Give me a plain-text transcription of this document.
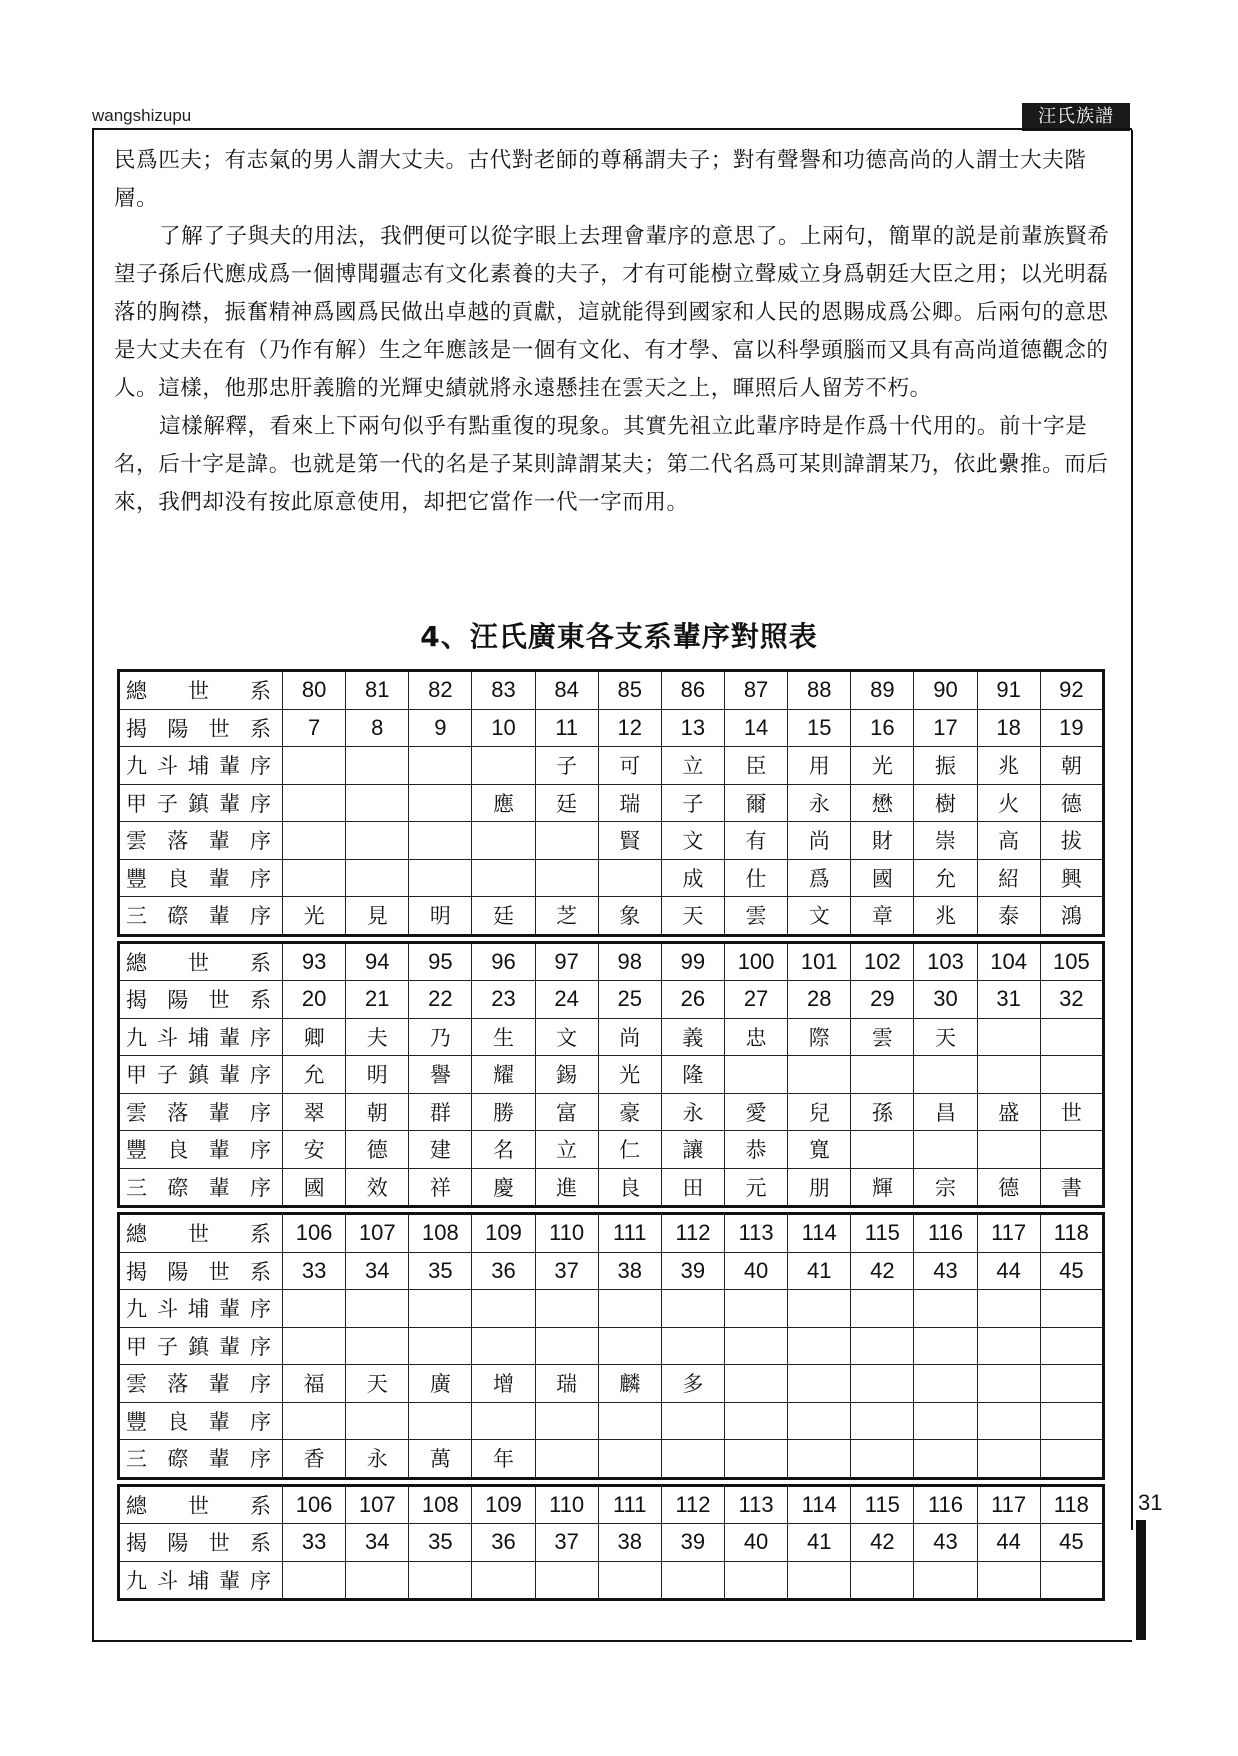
wangshizupu	汪氏族譜

民爲匹夫；有志氣的男人謂大丈夫。古代對老師的尊稱謂夫子；對有聲譽和功德高尚的人謂士大夫階層。

了解了子與夫的用法，我們便可以從字眼上去理會輩序的意思了。上兩句，簡單的説是前輩族賢希望子孫后代應成爲一個博聞疆志有文化素養的夫子，才有可能樹立聲威立身爲朝廷大臣之用；以光明磊落的胸襟，振奮精神爲國爲民做出卓越的貢獻，這就能得到國家和人民的恩賜成爲公卿。后兩句的意思是大丈夫在有（乃作有解）生之年應該是一個有文化、有才學、富以科學頭腦而又具有高尚道德觀念的人。這樣，他那忠肝義膽的光輝史績就將永遠懸挂在雲天之上，暉照后人留芳不朽。

這樣解釋，看來上下兩句似乎有點重復的現象。其實先祖立此輩序時是作爲十代用的。前十字是名，后十字是諱。也就是第一代的名是子某則諱謂某夫；第二代名爲可某則諱謂某乃，依此纍推。而后來，我們却没有按此原意使用，却把它當作一代一字而用。

4、汪氏廣東各支系輩序對照表
總　世　系	80	81	82	83	84	85	86	87	88	89	90	91	92
揭陽世系	7	8	9	10	11	12	13	14	15	16	17	18	19
九斗埔輩序					子	可	立	臣	用	光	振	兆	朝
甲子鎮輩序				應	廷	瑞	子	爾	永	懋	樹	火	德
雲落輩序						賢	文	有	尚	財	崇	高	拔
豐良輩序							成	仕	爲	國	允	紹	興
三磜輩序	光	見	明	廷	芝	象	天	雲	文	章	兆	泰	鴻
總　世　系	93	94	95	96	97	98	99	100	101	102	103	104	105
揭陽世系	20	21	22	23	24	25	26	27	28	29	30	31	32
九斗埔輩序	卿	夫	乃	生	文	尚	義	忠	際	雲	天		
甲子鎮輩序	允	明	譽	耀	錫	光	隆						
雲落輩序	翠	朝	群	勝	富	豪	永	愛	兒	孫	昌	盛	世
豐良輩序	安	德	建	名	立	仁	讓	恭	寬				
三磜輩序	國	效	祥	慶	進	良	田	元	朋	輝	宗	德	書
總　世　系	106	107	108	109	110	111	112	113	114	115	116	117	118
揭陽世系	33	34	35	36	37	38	39	40	41	42	43	44	45
九斗埔輩序													
甲子鎮輩序													
雲落輩序	福	天	廣	增	瑞	麟	多						
豐良輩序													
三磜輩序	香	永	萬	年									
總　世　系	106	107	108	109	110	111	112	113	114	115	116	117	118
揭陽世系	33	34	35	36	37	38	39	40	41	42	43	44	45
九斗埔輩序													
31
